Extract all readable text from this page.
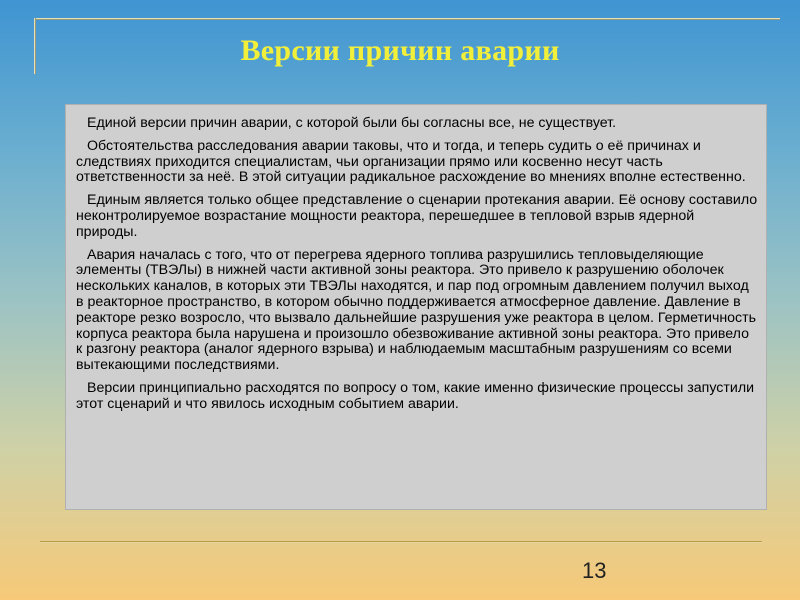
Версии причин аварии

Единой версии причин аварии, с которой были бы согласны все, не существует.

Обстоятельства расследования аварии таковы, что и тогда, и теперь судить о её причинах и следствиях приходится специалистам, чьи организации прямо или косвенно несут часть ответственности за неё. В этой ситуации радикальное расхождение во мнениях вполне естественно.

Единым является только общее представление о сценарии протекания аварии. Её основу составило неконтролируемое возрастание мощности реактора, перешедшее в тепловой взрыв ядерной природы.

Авария началась с того, что от перегрева ядерного топлива разрушились тепловыделяющие элементы (ТВЭЛы) в нижней части активной зоны реактора. Это привело к разрушению оболочек нескольких каналов, в которых эти ТВЭЛы находятся, и пар под огромным давлением получил выход в реакторное пространство, в котором обычно поддерживается атмосферное давление. Давление в реакторе резко возросло, что вызвало дальнейшие разрушения уже реактора в целом. Герметичность корпуса реактора была нарушена и произошло обезвоживание активной зоны реактора. Это привело к разгону реактора (аналог ядерного взрыва) и наблюдаемым масштабным разрушениям со всеми вытекающими последствиями.

Версии принципиально расходятся по вопросу о том, какие именно физические процессы запустили этот сценарий и что явилось исходным событием аварии.

13
